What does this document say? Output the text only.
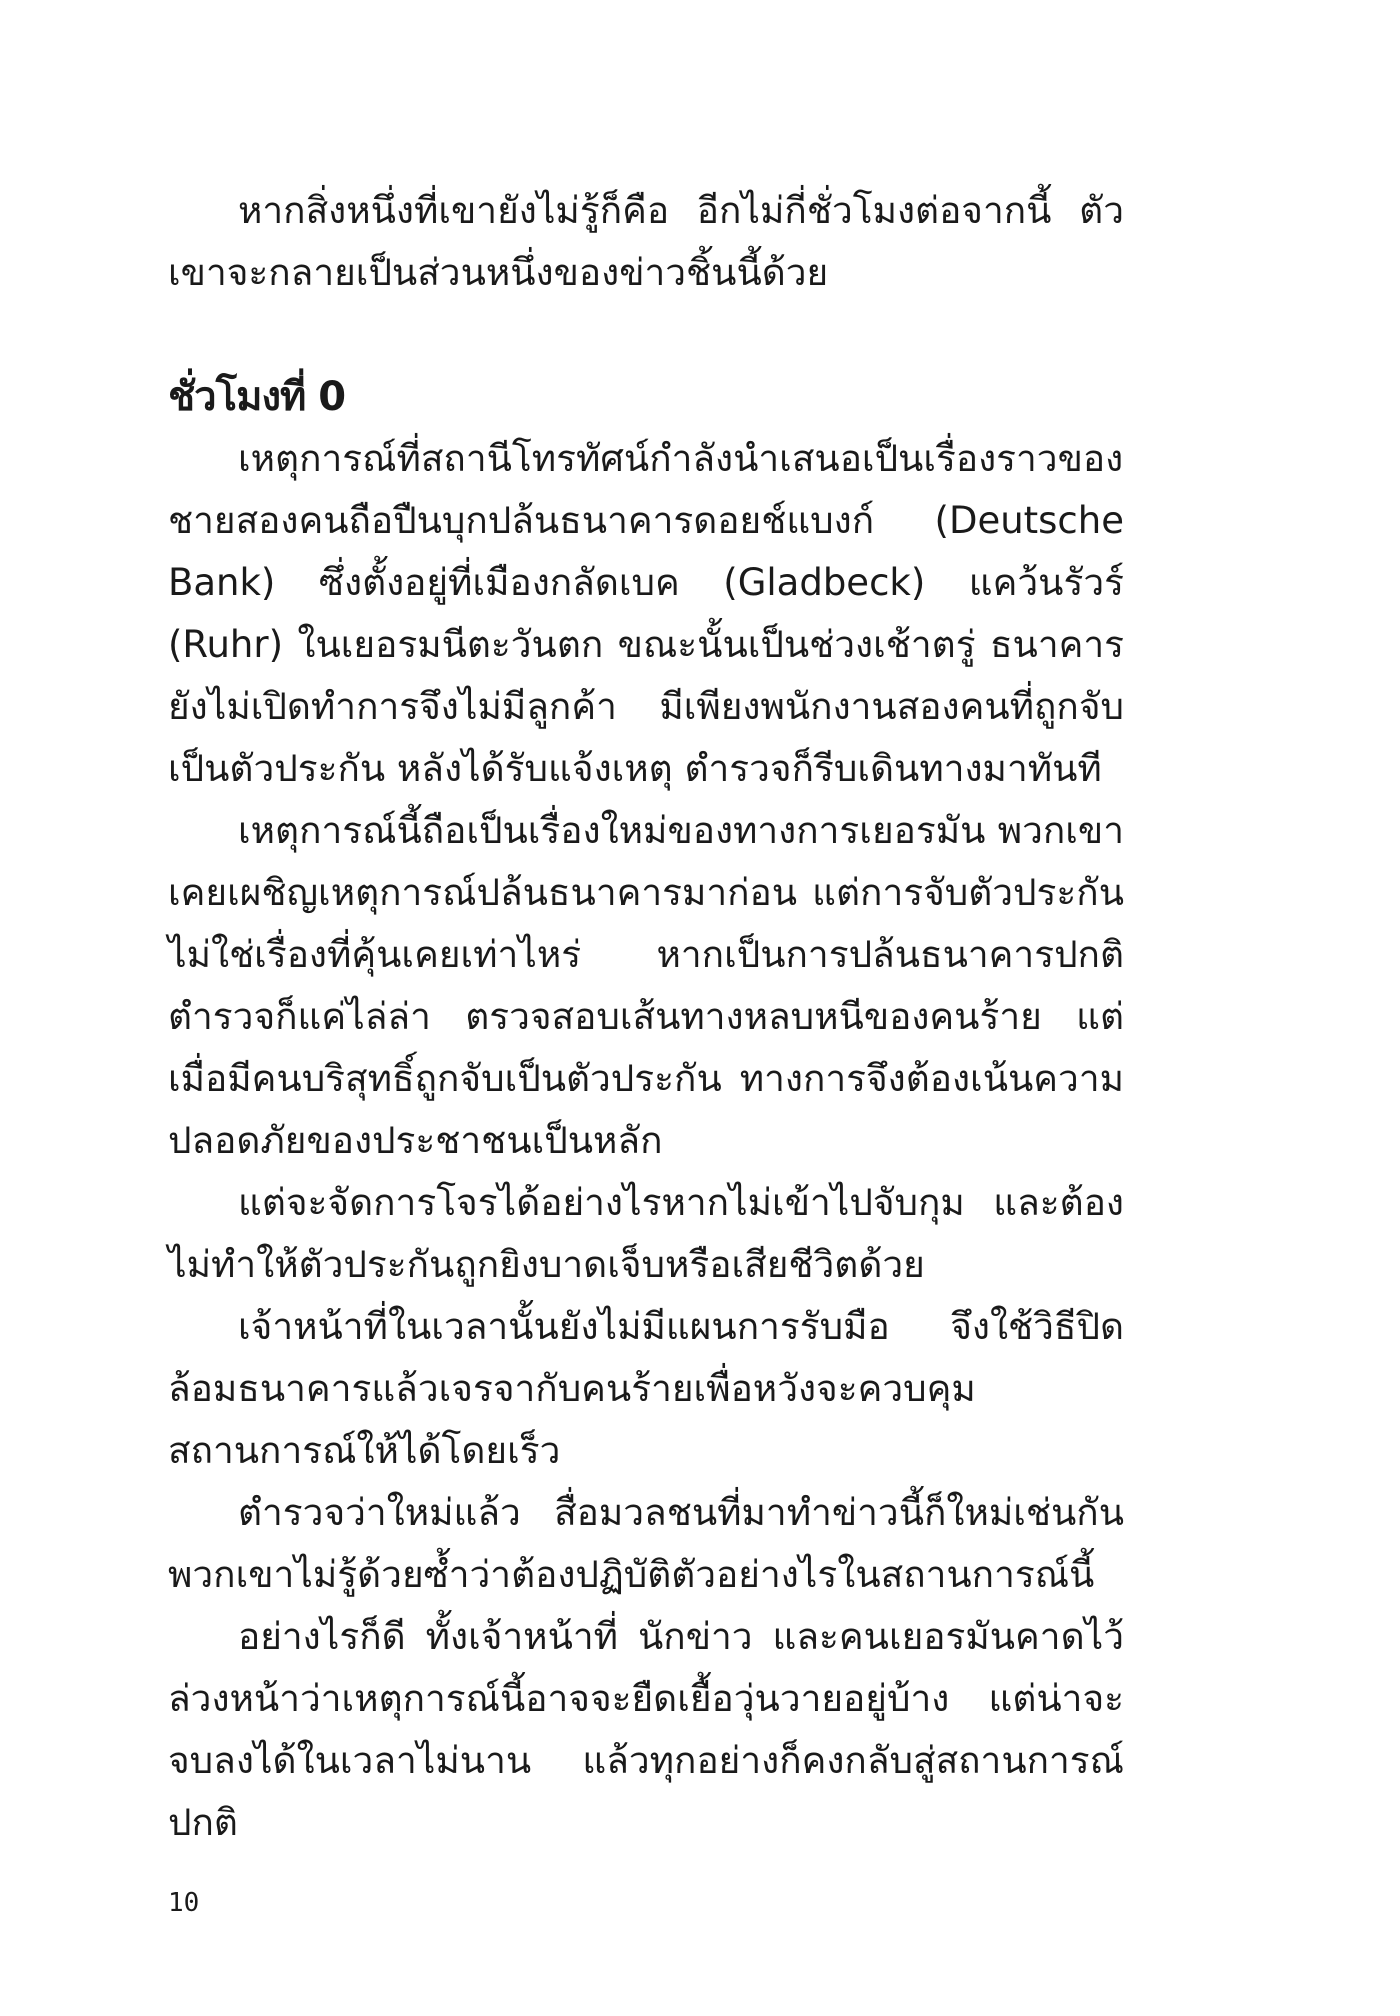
หากสิ่งหนึ่งที่เขายังไม่รู้ก็คือ อีกไม่กี่ชั่วโมงต่อจากนี้ ตัวเขาจะกลายเป็นส่วนหนึ่งของข่าวชิ้นนี้ด้วย

ชั่วโมงที่ 0

เหตุการณ์ที่สถานีโทรทัศน์กำลังนำเสนอเป็นเรื่องราวของชายสองคนถือปืนบุกปล้นธนาคารดอยช์แบงก์ (Deutsche Bank) ซึ่งตั้งอยู่ที่เมืองกลัดเบค (Gladbeck) แคว้นรัวร์ (Ruhr) ในเยอรมนีตะวันตก ขณะนั้นเป็นช่วงเช้าตรู่ ธนาคารยังไม่เปิดทำการจึงไม่มีลูกค้า มีเพียงพนักงานสองคนที่ถูกจับเป็นตัวประกัน หลังได้รับแจ้งเหตุ ตำรวจก็รีบเดินทางมาทันที

เหตุการณ์นี้ถือเป็นเรื่องใหม่ของทางการเยอรมัน พวกเขาเคยเผชิญเหตุการณ์ปล้นธนาคารมาก่อน แต่การจับตัวประกันไม่ใช่เรื่องที่คุ้นเคยเท่าไหร่ หากเป็นการปล้นธนาคารปกติตำรวจก็แค่ไล่ล่า ตรวจสอบเส้นทางหลบหนีของคนร้าย แต่เมื่อมีคนบริสุทธิ์ถูกจับเป็นตัวประกัน ทางการจึงต้องเน้นความปลอดภัยของประชาชนเป็นหลัก

แต่จะจัดการโจรได้อย่างไรหากไม่เข้าไปจับกุม และต้องไม่ทำให้ตัวประกันถูกยิงบาดเจ็บหรือเสียชีวิตด้วย

เจ้าหน้าที่ในเวลานั้นยังไม่มีแผนการรับมือ จึงใช้วิธีปิดล้อมธนาคารแล้วเจรจากับคนร้ายเพื่อหวังจะควบคุมสถานการณ์ให้ได้โดยเร็ว

ตำรวจว่าใหม่แล้ว สื่อมวลชนที่มาทำข่าวนี้ก็ใหม่เช่นกัน พวกเขาไม่รู้ด้วยซ้ำว่าต้องปฏิบัติตัวอย่างไรในสถานการณ์นี้

อย่างไรก็ดี ทั้งเจ้าหน้าที่ นักข่าว และคนเยอรมันคาดไว้ล่วงหน้าว่าเหตุการณ์นี้อาจจะยืดเยื้อวุ่นวายอยู่บ้าง แต่น่าจะจบลงได้ในเวลาไม่นาน แล้วทุกอย่างก็คงกลับสู่สถานการณ์ปกติ

10
